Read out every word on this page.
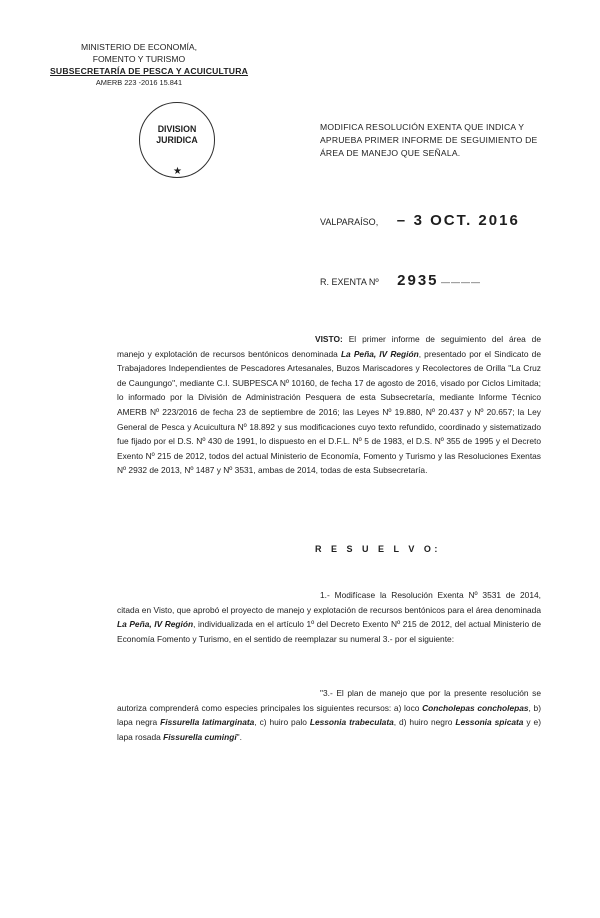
MINISTERIO DE ECONOMÍA,
FOMENTO Y TURISMO
SUBSECRETARÍA DE PESCA Y ACUICULTURA
AMERB 223 -2016 15.841
DIVISION
JURIDICA
★
MODIFICA RESOLUCIÓN EXENTA QUE INDICA Y
APRUEBA PRIMER INFORME DE SEGUIMIENTO DE
ÁREA DE MANEJO QUE SEÑALA.
VALPARAÍSO, – 3 OCT. 2016
R. EXENTA Nº 2935 ————
VISTO: El primer informe de seguimiento del área de manejo y explotación de recursos bentónicos denominada La Peña, IV Región, presentado por el Sindicato de Trabajadores Independientes de Pescadores Artesanales, Buzos Mariscadores y Recolectores de Orilla "La Cruz de Caungungo", mediante C.I. SUBPESCA Nº 10160, de fecha 17 de agosto de 2016, visado por Ciclos Limitada; lo informado por la División de Administración Pesquera de esta Subsecretaría, mediante Informe Técnico AMERB Nº 223/2016 de fecha 23 de septiembre de 2016; las Leyes Nº 19.880, Nº 20.437 y Nº 20.657; la Ley General de Pesca y Acuicultura Nº 18.892 y sus modificaciones cuyo texto refundido, coordinado y sistematizado fue fijado por el D.S. Nº 430 de 1991, lo dispuesto en el D.F.L. Nº 5 de 1983, el D.S. Nº 355 de 1995 y el Decreto Exento Nº 215 de 2012, todos del actual Ministerio de Economía, Fomento y Turismo y las Resoluciones Exentas Nº 2932 de 2013, Nº 1487 y Nº 3531, ambas de 2014, todas de esta Subsecretaría.
R E S U E L V O:
1.- Modifícase la Resolución Exenta Nº 3531 de 2014, citada en Visto, que aprobó el proyecto de manejo y explotación de recursos bentónicos para el área denominada La Peña, IV Región, individualizada en el artículo 1º del Decreto Exento Nº 215 de 2012, del actual Ministerio de Economía Fomento y Turismo, en el sentido de reemplazar su numeral 3.- por el siguiente:
"3.- El plan de manejo que por la presente resolución se autoriza comprenderá como especies principales los siguientes recursos: a) loco Concholepas concholepas, b) lapa negra Fissurella latimarginata, c) huiro palo Lessonia trabeculata, d) huiro negro Lessonia spicata y e) lapa rosada Fissurella cumingi".
